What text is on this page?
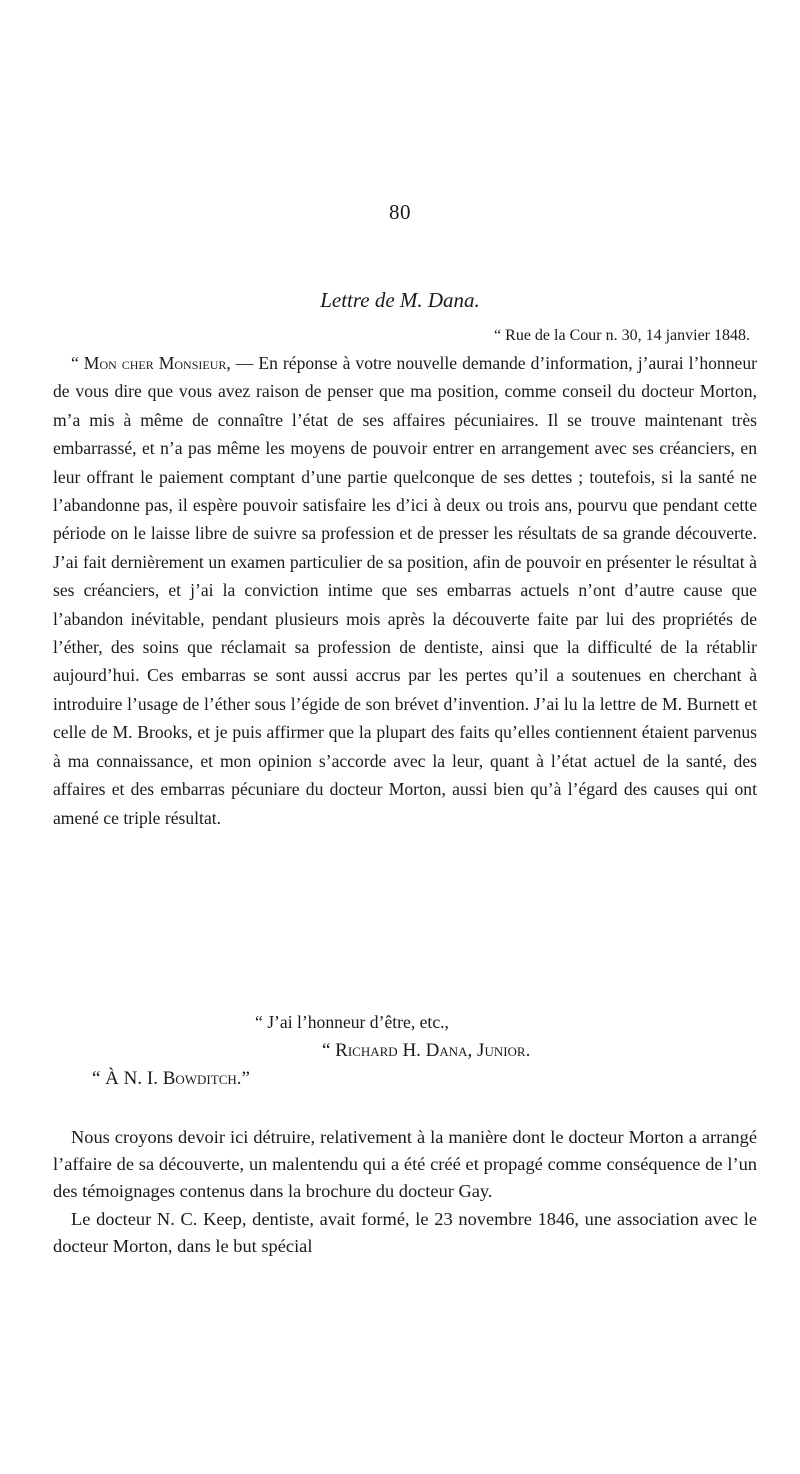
80
Lettre de M. Dana.
“ Rue de la Cour n. 30, 14 janvier 1848.

“ Mon cher Monsieur, — En réponse à votre nouvelle demande d’information, j’aurai l’honneur de vous dire que vous avez raison de penser que ma position, comme conseil du docteur Morton, m’a mis à même de connaître l’état de ses affaires pécuniaires. Il se trouve maintenant très embarrassé, et n’a pas même les moyens de pouvoir entrer en arrangement avec ses créanciers, en leur offrant le paiement comptant d’une partie quelconque de ses dettes ; toutefois, si la santé ne l’abandonne pas, il espère pouvoir satisfaire les d’ici à deux ou trois ans, pourvu que pendant cette période on le laisse libre de suivre sa profession et de presser les résultats de sa grande découverte. J’ai fait dernièrement un examen particulier de sa position, afin de pouvoir en présenter le résultat à ses créanciers, et j’ai la conviction intime que ses embarras actuels n’ont d’autre cause que l’abandon inévitable, pendant plusieurs mois après la découverte faite par lui des propriétés de l’éther, des soins que réclamait sa profession de dentiste, ainsi que la difficulté de la rétablir aujourd’hui. Ces embarras se sont aussi accrus par les pertes qu’il a soutenues en cherchant à introduire l’usage de l’éther sous l’égide de son brévet d’invention. J’ai lu la lettre de M. Burnett et celle de M. Brooks, et je puis affirmer que la plupart des faits qu’elles contiennent étaient parvenus à ma connaissance, et mon opinion s’accorde avec la leur, quant à l’état actuel de la santé, des affaires et des embarras pécuniare du docteur Morton, aussi bien qu’à l’égard des causes qui ont amené ce triple résultat.

“ J’ai l’honneur d’être, etc.,
“ Richard H. Dana, Junior.
“ À N. I. Bowditch.”

Nous croyons devoir ici détruire, relativement à la manière dont le docteur Morton a arrangé l’affaire de sa découverte, un malentendu qui a été créé et propagé comme conséquence de l’un des témoignages contenus dans la brochure du docteur Gay.

Le docteur N. C. Keep, dentiste, avait formé, le 23 novembre 1846, une association avec le docteur Morton, dans le but spécial
